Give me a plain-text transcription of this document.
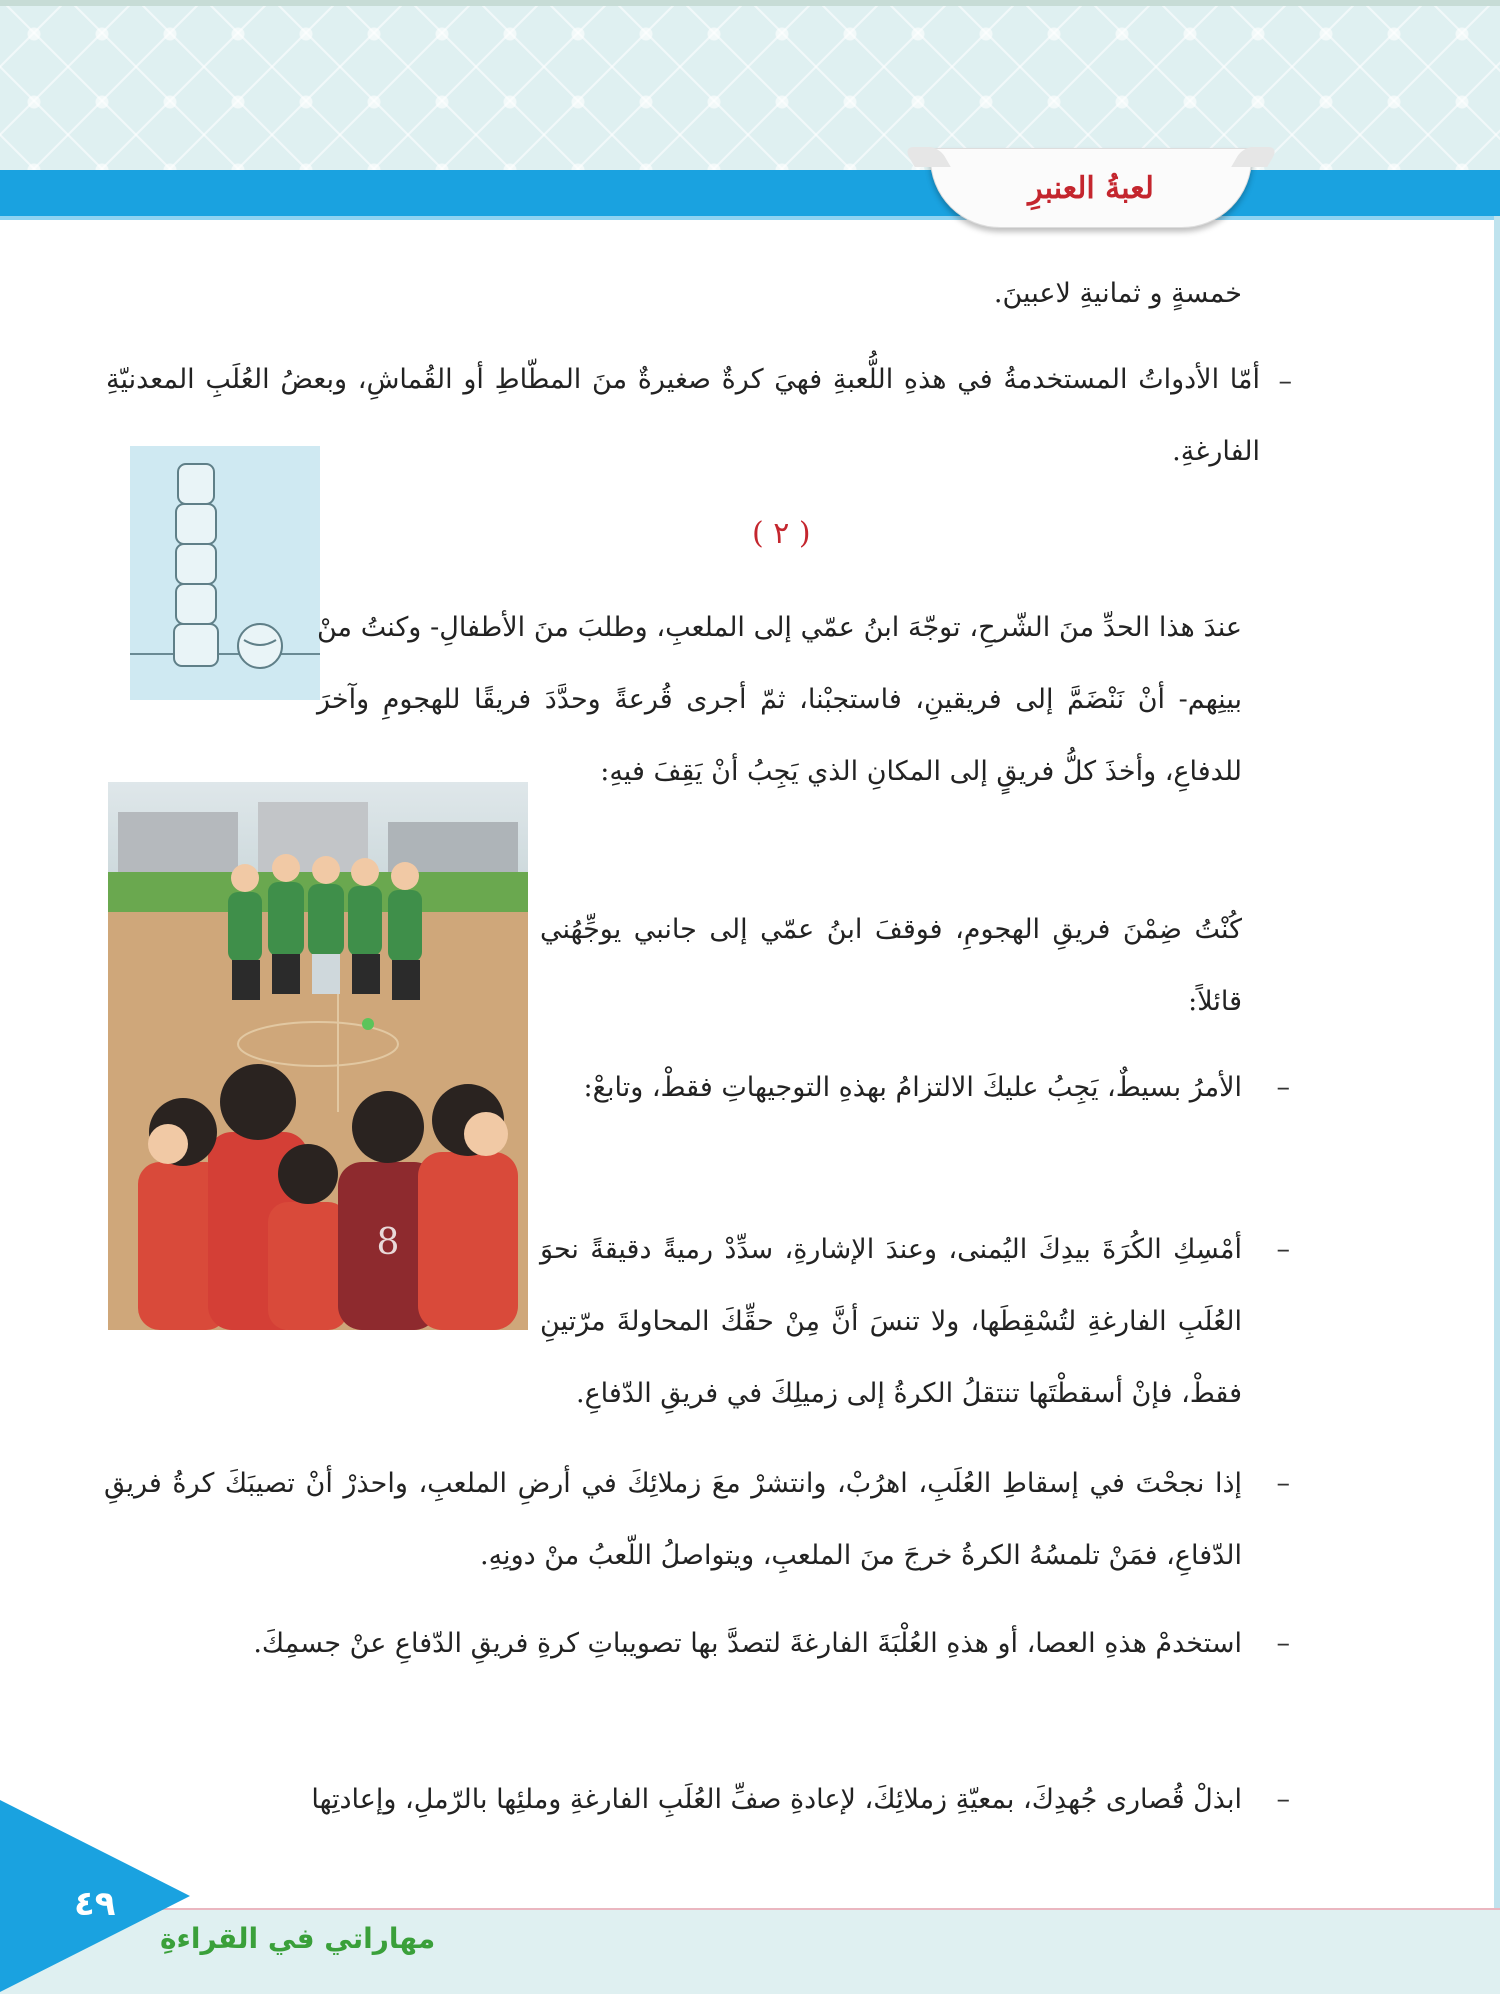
لعبةُ العنبرِ
خمسةٍ و ثمانيةِ لاعبينَ.
–
أمّا الأدواتُ المستخدمةُ في هذهِ اللُّعبةِ فهيَ كرةٌ صغيرةٌ منَ المطّاطِ أو القُماشِ، وبعضُ العُلَبِ المعدنيّةِ الفارغةِ.
( ٢ )
عندَ هذا الحدِّ منَ الشّرحِ، توجّهَ ابنُ عمّي إلى الملعبِ، وطلبَ منَ الأطفالِ- وكنتُ منْ بينِهم- أنْ نَنْضَمَّ إلى فريقينِ، فاستجبْنا، ثمّ أجرى قُرعةً وحدَّدَ فريقًا للهجومِ وآخرَ للدفاعِ، وأخذَ كلُّ فريقٍ إلى المكانِ الذي يَجِبُ أنْ يَقِفَ فيهِ:
8
كُنْتُ ضِمْنَ فريقِ الهجومِ، فوقفَ ابنُ عمّي إلى جانبي يوجِّهُني قائلاً:
–
الأمرُ بسيطٌ، يَجِبُ عليكَ الالتزامُ بهذهِ التوجيهاتِ فقطْ، وتابعْ:
–
أمْسِكِ الكُرَةَ بيدِكَ اليُمنى، وعندَ الإشارةِ، سدِّدْ رميةً دقيقةً نحوَ العُلَبِ الفارغةِ لتُسْقِطَها، ولا تنسَ أنَّ مِنْ حقِّكَ المحاولةَ مرّتينِ فقطْ، فإنْ أسقطْتَها تنتقلُ الكرةُ إلى زميلِكَ في فريقِ الدّفاعِ.
–
إذا نجحْتَ في إسقاطِ العُلَبِ، اهرُبْ، وانتشرْ معَ زملائِكَ في أرضِ الملعبِ، واحذرْ أنْ تصيبَكَ كرةُ فريقِ الدّفاعِ، فمَنْ تلمسُهُ الكرةُ خرجَ منَ الملعبِ، ويتواصلُ اللّعبُ منْ دونِهِ.
–
استخدمْ هذهِ العصا، أو هذهِ العُلْبَةَ الفارغةَ لتصدَّ بها تصويباتِ كرةِ فريقِ الدّفاعِ عنْ جسمِكَ.
–
ابذلْ قُصارى جُهدِكَ، بمعيّةِ زملائِكَ، لإعادةِ صفِّ العُلَبِ الفارغةِ وملئِها بالرّملِ، وإعادتِها
٤٩
مهاراتي في القراءةِ
